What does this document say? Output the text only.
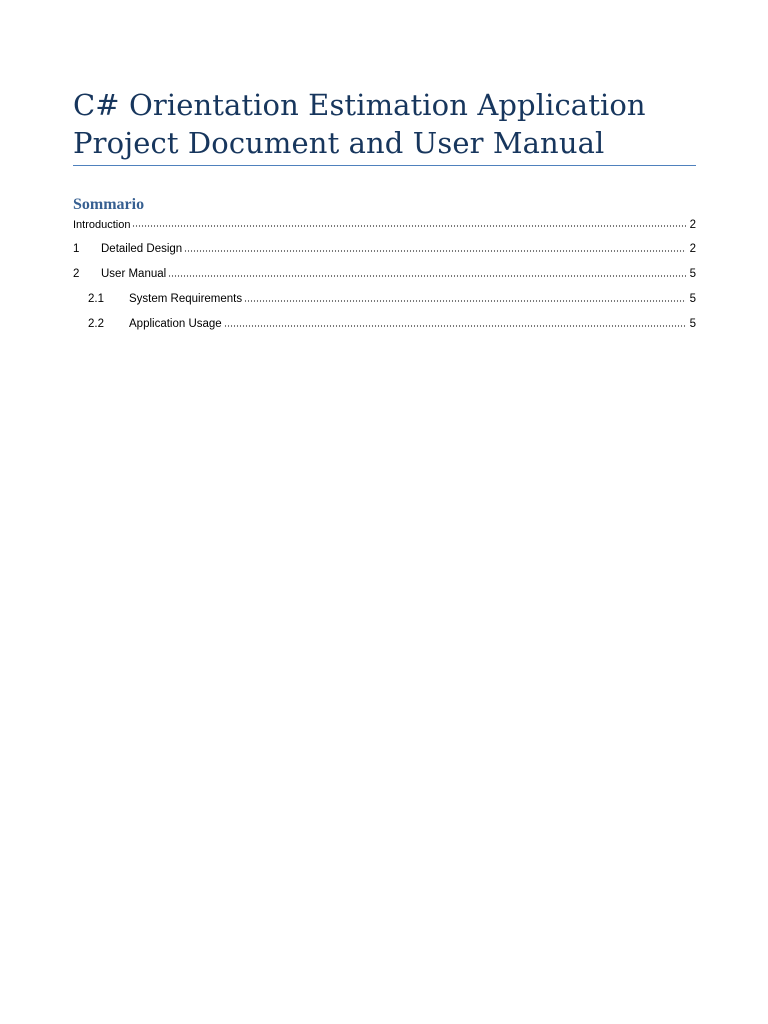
C# Orientation Estimation Application
Project Document and User Manual
Sommario
Introduction	2
1	Detailed Design	2
2	User Manual	5
2.1	System Requirements	5
2.2	Application Usage	5
